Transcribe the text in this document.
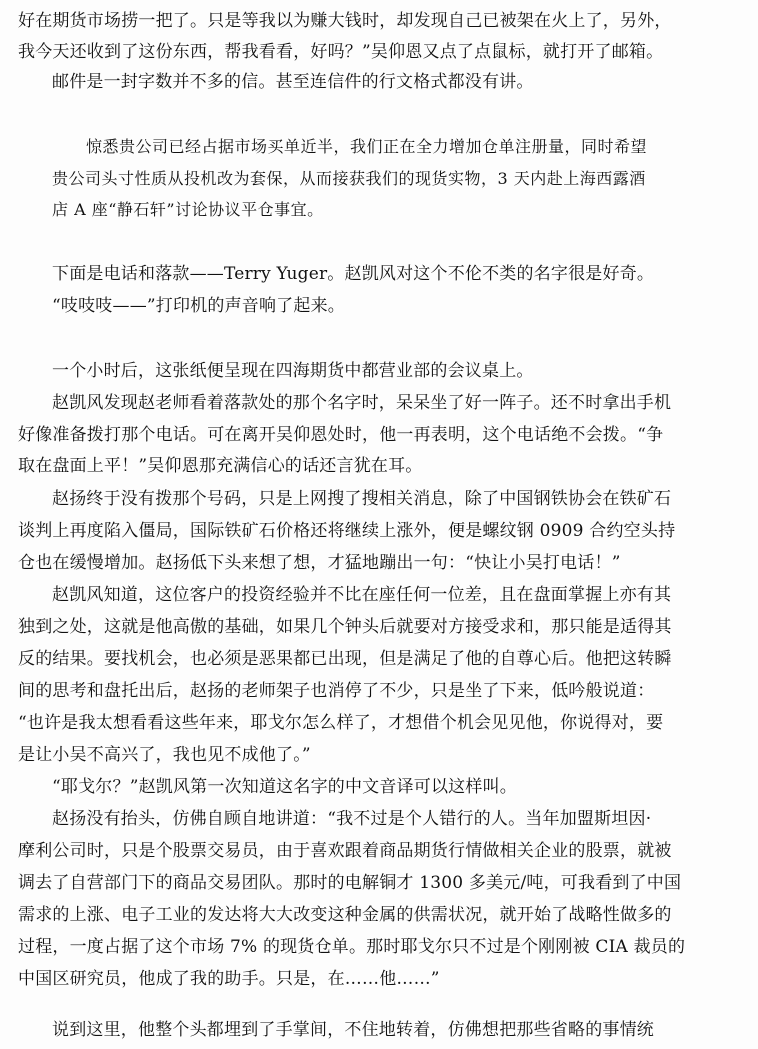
好在期货市场捞一把了。只是等我以为赚大钱时，却发现自己已被架在火上了，另外，
我今天还收到了这份东西，帮我看看，好吗？”吴仰恩又点了点鼠标，就打开了邮箱。
邮件是一封字数并不多的信。甚至连信件的行文格式都没有讲。
惊悉贵公司已经占据市场买单近半，我们正在全力增加仓单注册量，同时希望
贵公司头寸性质从投机改为套保，从而接获我们的现货实物，3 天内赴上海西露酒
店 A 座“静石轩”讨论协议平仓事宜。
下面是电话和落款——Terry Yuger。赵凯风对这个不伦不类的名字很是好奇。
“吱吱吱——”打印机的声音响了起来。
一个小时后，这张纸便呈现在四海期货中都营业部的会议桌上。
赵凯风发现赵老师看着落款处的那个名字时，呆呆坐了好一阵子。还不时拿出手机
好像准备拨打那个电话。可在离开吴仰恩处时，他一再表明，这个电话绝不会拨。“争
取在盘面上平！”吴仰恩那充满信心的话还言犹在耳。
赵扬终于没有拨那个号码，只是上网搜了搜相关消息，除了中国钢铁协会在铁矿石
谈判上再度陷入僵局，国际铁矿石价格还将继续上涨外，便是螺纹钢 0909 合约空头持
仓也在缓慢增加。赵扬低下头来想了想，才猛地蹦出一句：“快让小吴打电话！”
赵凯风知道，这位客户的投资经验并不比在座任何一位差，且在盘面掌握上亦有其
独到之处，这就是他高傲的基础，如果几个钟头后就要对方接受求和，那只能是适得其
反的结果。要找机会，也必须是恶果都已出现，但是满足了他的自尊心后。他把这转瞬
间的思考和盘托出后，赵扬的老师架子也消停了不少，只是坐了下来，低吟般说道：
“也许是我太想看看这些年来，耶戈尔怎么样了，才想借个机会见见他，你说得对，要
是让小吴不高兴了，我也见不成他了。”
“耶戈尔？”赵凯风第一次知道这名字的中文音译可以这样叫。
赵扬没有抬头，仿佛自顾自地讲道：“我不过是个人错行的人。当年加盟斯坦因·
摩利公司时，只是个股票交易员，由于喜欢跟着商品期货行情做相关企业的股票，就被
调去了自营部门下的商品交易团队。那时的电解铜才 1300 多美元/吨，可我看到了中国
需求的上涨、电子工业的发达将大大改变这种金属的供需状况，就开始了战略性做多的
过程，一度占据了这个市场 7% 的现货仓单。那时耶戈尔只不过是个刚刚被 CIA 裁员的
中国区研究员，他成了我的助手。只是，在……他……”
说到这里，他整个头都埋到了手掌间，不住地转着，仿佛想把那些省略的事情统
